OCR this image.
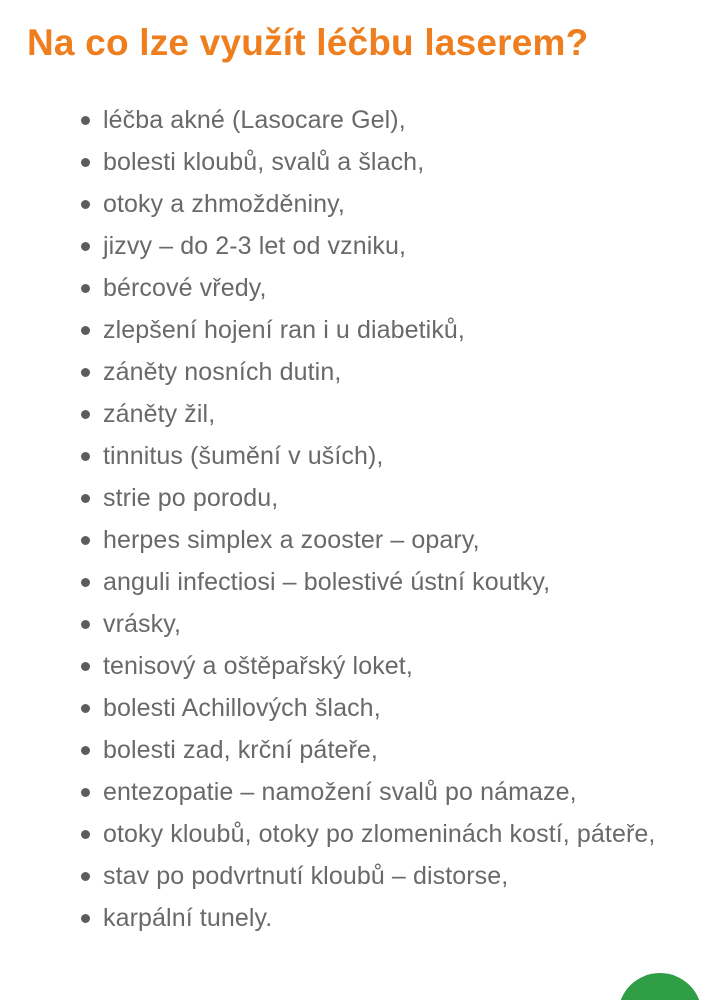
Na co lze využít léčbu laserem?
léčba akné (Lasocare Gel),
bolesti kloubů, svalů a šlach,
otoky a zhmožděniny,
jizvy – do 2-3 let od vzniku,
bércové vředy,
zlepšení hojení ran i u diabetiků,
záněty nosních dutin,
záněty žil,
tinnitus (šumění v uších),
strie po porodu,
herpes simplex a zooster – opary,
anguli infectiosi – bolestivé ústní koutky,
vrásky,
tenisový a oštěpařský loket,
bolesti Achillových šlach,
bolesti zad, krční páteře,
entezopatie – namožení svalů po námaze,
otoky kloubů, otoky po zlomeninách kostí, páteře,
stav po podvrtnutí kloubů – distorse,
karpální tunely.
